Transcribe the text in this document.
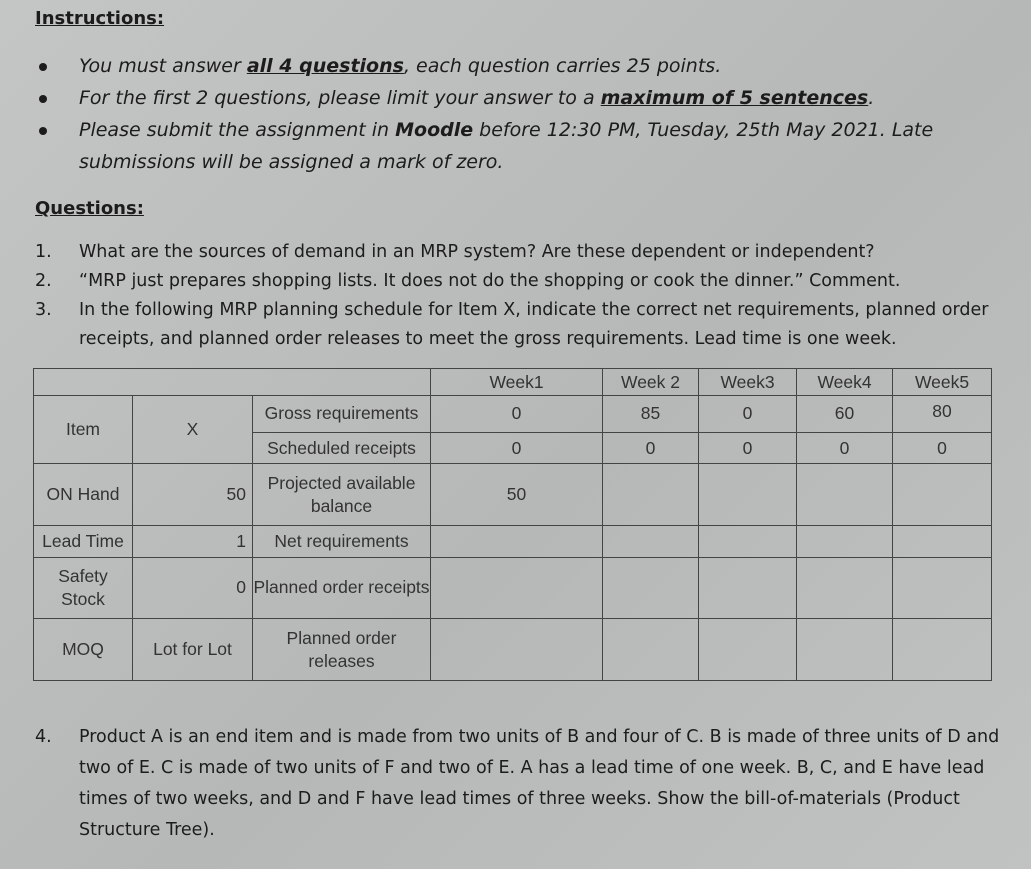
Instructions:
You must answer all 4 questions, each question carries 25 points.
For the first 2 questions, please limit your answer to a maximum of 5 sentences.
Please submit the assignment in Moodle before 12:30 PM, Tuesday, 25th May 2021. Late submissions will be assigned a mark of zero.
Questions:
1. What are the sources of demand in an MRP system? Are these dependent or independent?
2. “MRP just prepares shopping lists. It does not do the shopping or cook the dinner.” Comment.
3. In the following MRP planning schedule for Item X, indicate the correct net requirements, planned order receipts, and planned order releases to meet the gross requirements. Lead time is one week.
			Week1	Week 2	Week3	Week4	Week5
Item	X	Gross requirements	0	85	0	60	80
		Scheduled receipts	0	0	0	0	0
ON Hand	50	Projected available balance	50				
Lead Time	1	Net requirements					
Safety Stock	0	Planned order receipts					
MOQ	Lot for Lot	Planned order releases					
4. Product A is an end item and is made from two units of B and four of C. B is made of three units of D and two of E. C is made of two units of F and two of E. A has a lead time of one week. B, C, and E have lead times of two weeks, and D and F have lead times of three weeks. Show the bill-of-materials (Product Structure Tree).
